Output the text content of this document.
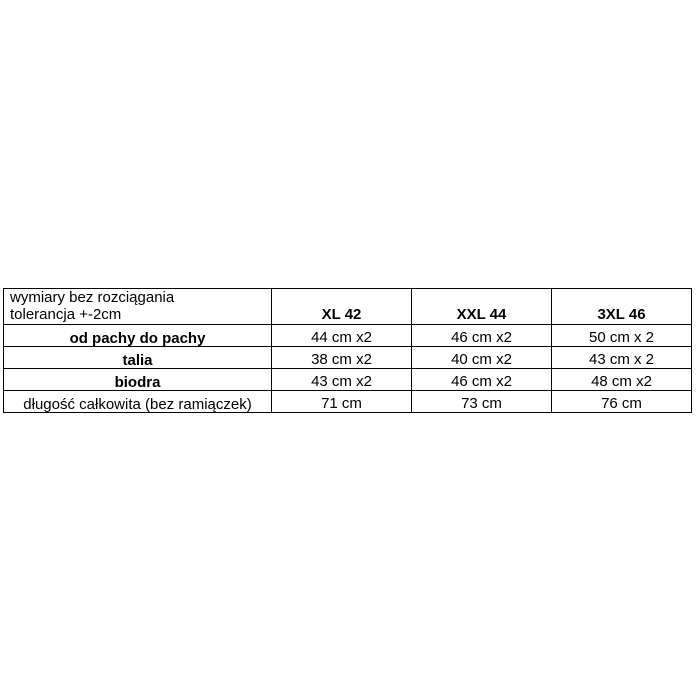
wymiary bez rozciągania
tolerancja +-2cm	XL 42	XXL 44	3XL 46
od pachy do pachy	44 cm x2	46 cm x2	50 cm x 2
talia	38 cm x2	40 cm x2	43 cm x 2
biodra	43 cm x2	46 cm x2	48 cm x2
długość całkowita (bez ramiączek)	71 cm	73 cm	76 cm
